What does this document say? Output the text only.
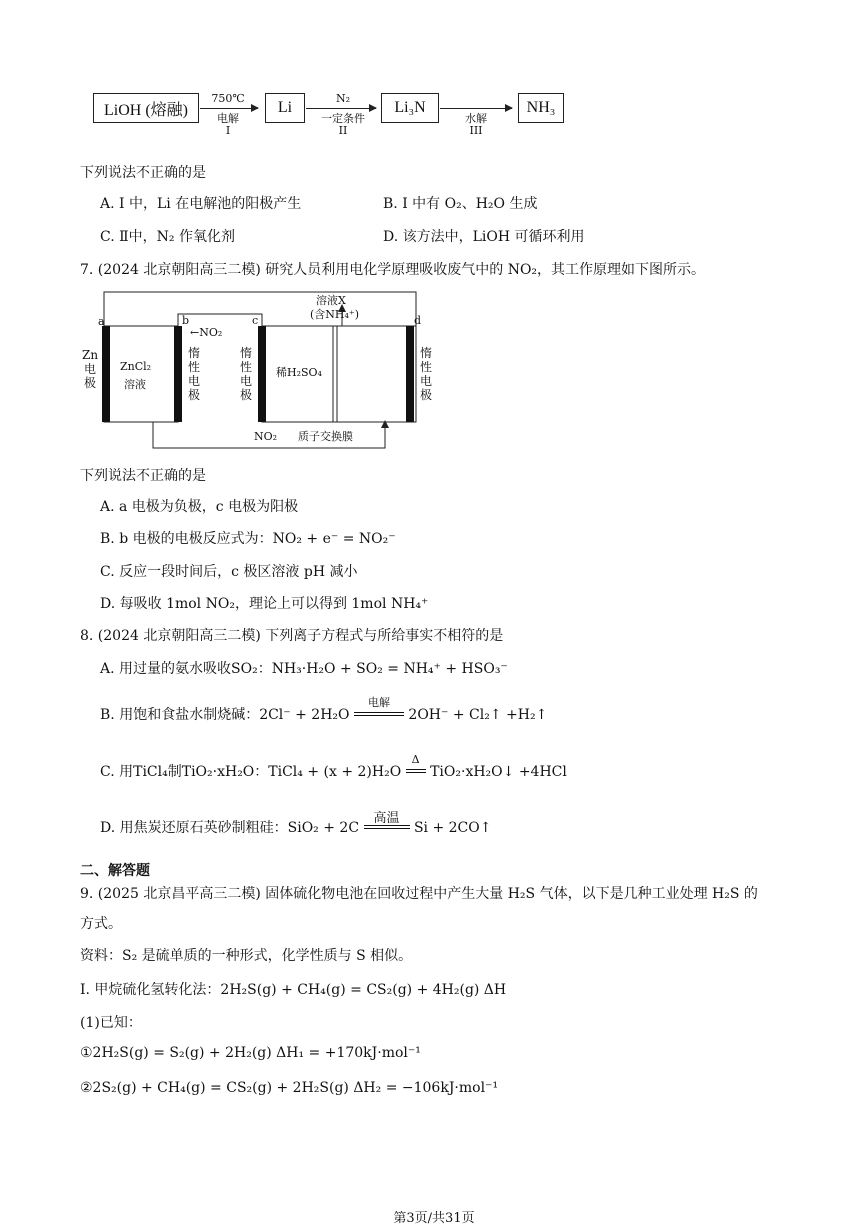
LiOH (熔融)
750℃
电解
I
Li
N₂
一定条件
II
Li₃N
水解
III
NH₃
下列说法不正确的是
A. I 中，Li 在电解池的阳极产生	B. I 中有 O₂、H₂O 生成
C. Ⅱ中，N₂ 作氧化剂	D. 该方法中，LiOH 可循环利用
7. (2024 北京朝阳高三二模) 研究人员利用电化学原理吸收废气中的 NO₂，其工作原理如下图所示。
a	b	c	d
←NO₂
溶液X
(含NH₄⁺)
Zn电极
ZnCl₂
溶液
惰性电极
惰性电极
稀H₂SO₄
惰性电极
NO₂ 质子交换膜
下列说法不正确的是
A. a 电极为负极，c 电极为阳极
B. b 电极的电极反应式为：NO₂ + e⁻ = NO₂⁻
C. 反应一段时间后，c 极区溶液 pH 减小
D. 每吸收 1mol NO₂，理论上可以得到 1mol NH₄⁺
8. (2024 北京朝阳高三二模) 下列离子方程式与所给事实不相符的是
A. 用过量的氨水吸收SO₂：NH₃·H₂O + SO₂ = NH₄⁺ + HSO₃⁻
B. 用饱和食盐水制烧碱：2Cl⁻ + 2H₂O
电解
2OH⁻ + Cl₂↑ +H₂↑
C. 用TiCl₄制TiO₂·xH₂O：TiCl₄ + (x + 2)H₂O
Δ
TiO₂·xH₂O↓ +4HCl
D. 用焦炭还原石英砂制粗硅：SiO₂ + 2C
高温
Si + 2CO↑
二、解答题
9. (2025 北京昌平高三二模) 固体硫化物电池在回收过程中产生大量 H₂S 气体，以下是几种工业处理 H₂S 的
方式。
资料：S₂ 是硫单质的一种形式，化学性质与 S 相似。
Ⅰ. 甲烷硫化氢转化法：2H₂S(g) + CH₄(g) = CS₂(g) + 4H₂(g) ΔH
(1)已知：
①2H₂S(g) = S₂(g) + 2H₂(g) ΔH₁ = +170kJ·mol⁻¹
②2S₂(g) + CH₄(g) = CS₂(g) + 2H₂S(g) ΔH₂ = −106kJ·mol⁻¹
第3页/共31页
